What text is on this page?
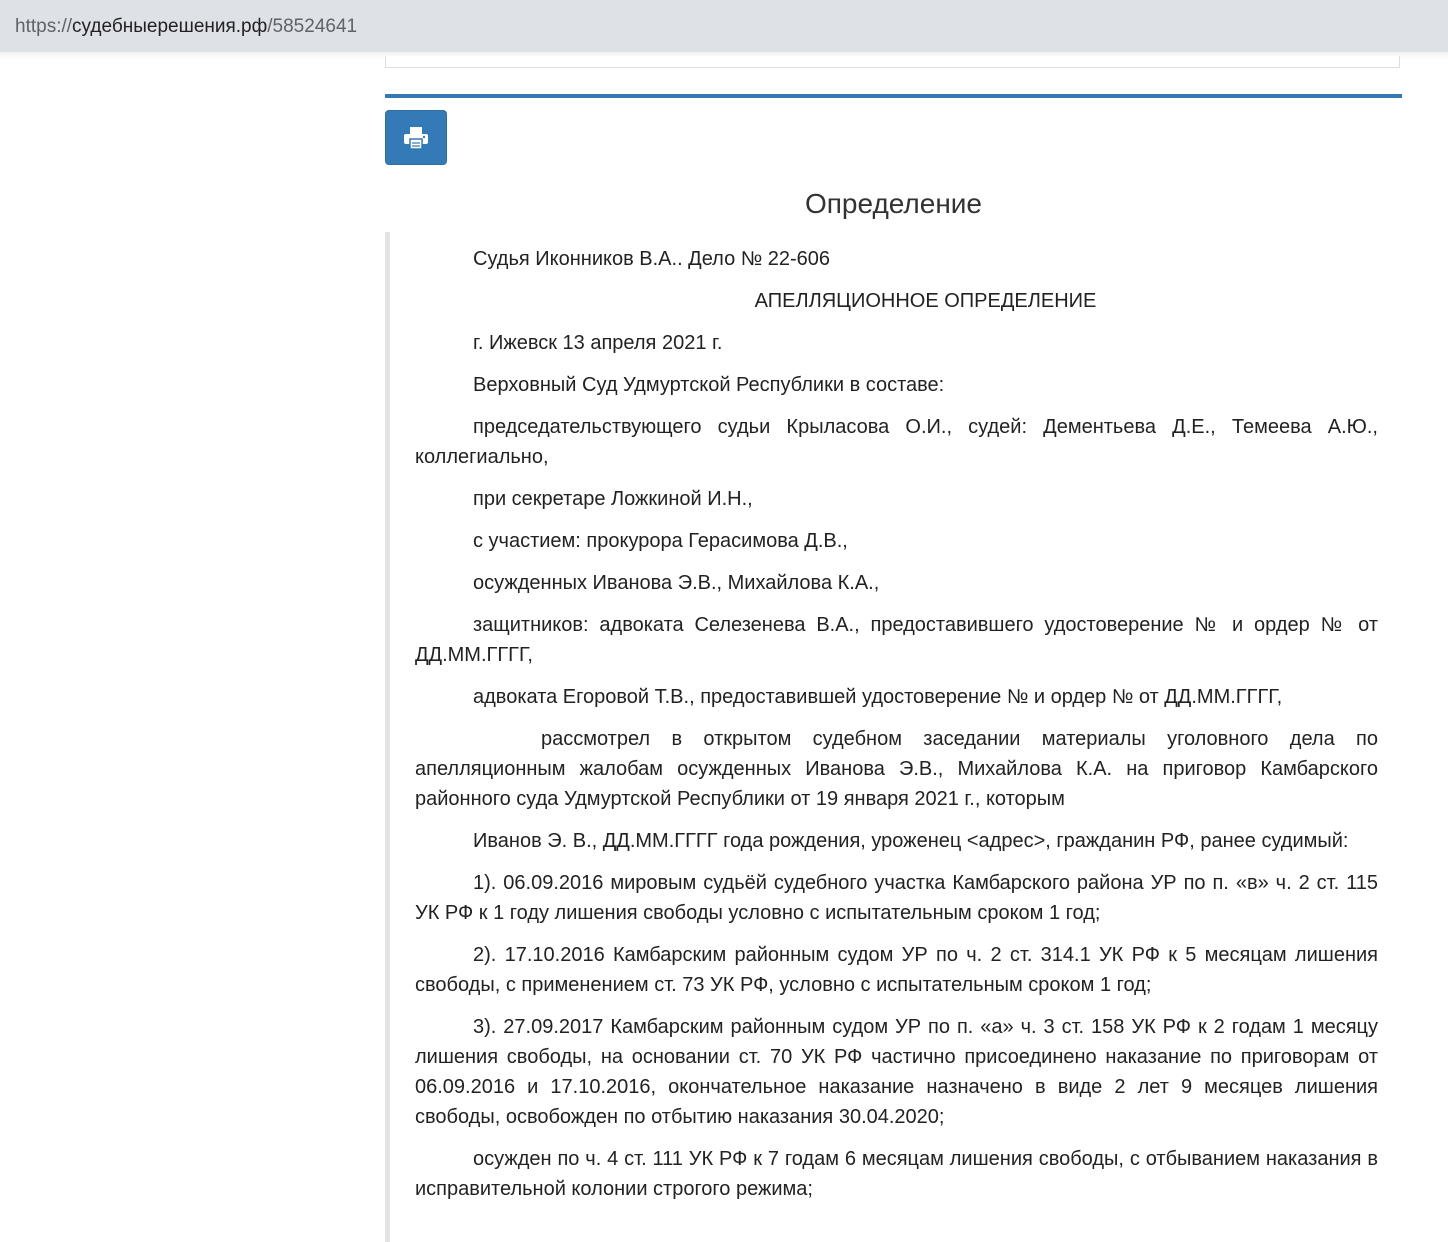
https://судебныерешения.рф/58524641
Определение

Судья Иконников В.А.. Дело № 22-606

АПЕЛЛЯЦИОННОЕ ОПРЕДЕЛЕНИЕ

г. Ижевск 13 апреля 2021 г.

Верховный Суд Удмуртской Республики в составе:

председательствующего судьи Крыласова О.И., судей: Дементьева Д.Е., Темеева А.Ю., коллегиально,

при секретаре Ложкиной И.Н.,

с участием: прокурора Герасимова Д.В.,

осужденных Иванова Э.В., Михайлова К.А.,

защитников: адвоката Селезенева В.А., предоставившего удостоверение № и ордер № от ДД.ММ.ГГГГ,

адвоката Егоровой Т.В., предоставившей удостоверение № и ордер № от ДД.ММ.ГГГГ,

рассмотрел в открытом судебном заседании материалы уголовного дела по апелляционным жалобам осужденных Иванова Э.В., Михайлова К.А. на приговор Камбарского районного суда Удмуртской Республики от 19 января 2021 г., которым

Иванов Э. В., ДД.ММ.ГГГГ года рождения, уроженец <адрес>, гражданин РФ, ранее судимый:

1). 06.09.2016 мировым судьёй судебного участка Камбарского района УР по п. «в» ч. 2 ст. 115 УК РФ к 1 году лишения свободы условно с испытательным сроком 1 год;

2). 17.10.2016 Камбарским районным судом УР по ч. 2 ст. 314.1 УК РФ к 5 месяцам лишения свободы, с применением ст. 73 УК РФ, условно с испытательным сроком 1 год;

3). 27.09.2017 Камбарским районным судом УР по п. «а» ч. 3 ст. 158 УК РФ к 2 годам 1 месяцу лишения свободы, на основании ст. 70 УК РФ частично присоединено наказание по приговорам от 06.09.2016 и 17.10.2016, окончательное наказание назначено в виде 2 лет 9 месяцев лишения свободы, освобожден по отбытию наказания 30.04.2020;

осужден по ч. 4 ст. 111 УК РФ к 7 годам 6 месяцам лишения свободы, с отбыванием наказания в исправительной колонии строгого режима;
